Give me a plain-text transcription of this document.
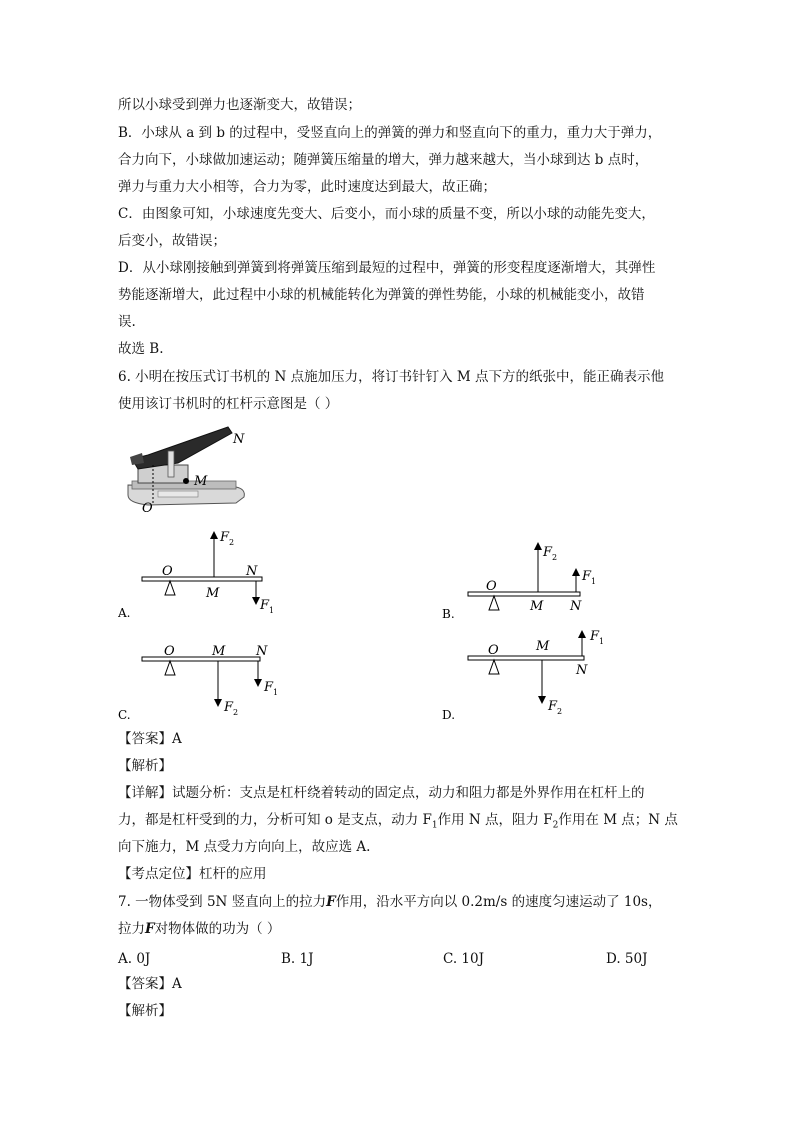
所以小球受到弹力也逐渐变大，故错误；
B．小球从 a 到 b 的过程中，受竖直向上的弹簧的弹力和竖直向下的重力，重力大于弹力，
合力向下，小球做加速运动；随弹簧压缩量的增大，弹力越来越大，当小球到达 b 点时，
弹力与重力大小相等，合力为零，此时速度达到最大，故正确；
C．由图象可知，小球速度先变大、后变小，而小球的质量不变，所以小球的动能先变大，
后变小，故错误；
D．从小球刚接触到弹簧到将弹簧压缩到最短的过程中，弹簧的形变程度逐渐增大，其弹性
势能逐渐增大，此过程中小球的机械能转化为弹簧的弹性势能，小球的机械能变小，故错
误.
故选 B.
6. 小明在按压式订书机的 N 点施加压力，将订书针钉入 M 点下方的纸张中，能正确表示他
使用该订书机时的杠杆示意图是（ ）
M
N
O
O
M
N
F 2
F 1
A.
O
M N
F 2
F 1
B.
O	M N
F 2
F 1
C.
O	M
N
F 2
F 1
D.
【答案】A
【解析】
【详解】试题分析：支点是杠杆绕着转动的固定点，动力和阻力都是外界作用在杠杆上的
力，都是杠杆受到的力，分析可知 o 是支点，动力 $F_1$作用 N 点，阻力 $F_2$作用在 M 点；N 点
向下施力，M 点受力方向向上，故应选 A.
【考点定位】杠杆的应用
7. 一物体受到 5N 竖直向上的拉力F作用，沿水平方向以 0.2m/s 的速度匀速运动了 10s，
拉力F对物体做的功为（ ）
A. 0J	B. 1J	C. 10J	D. 50J
【答案】A
【解析】
